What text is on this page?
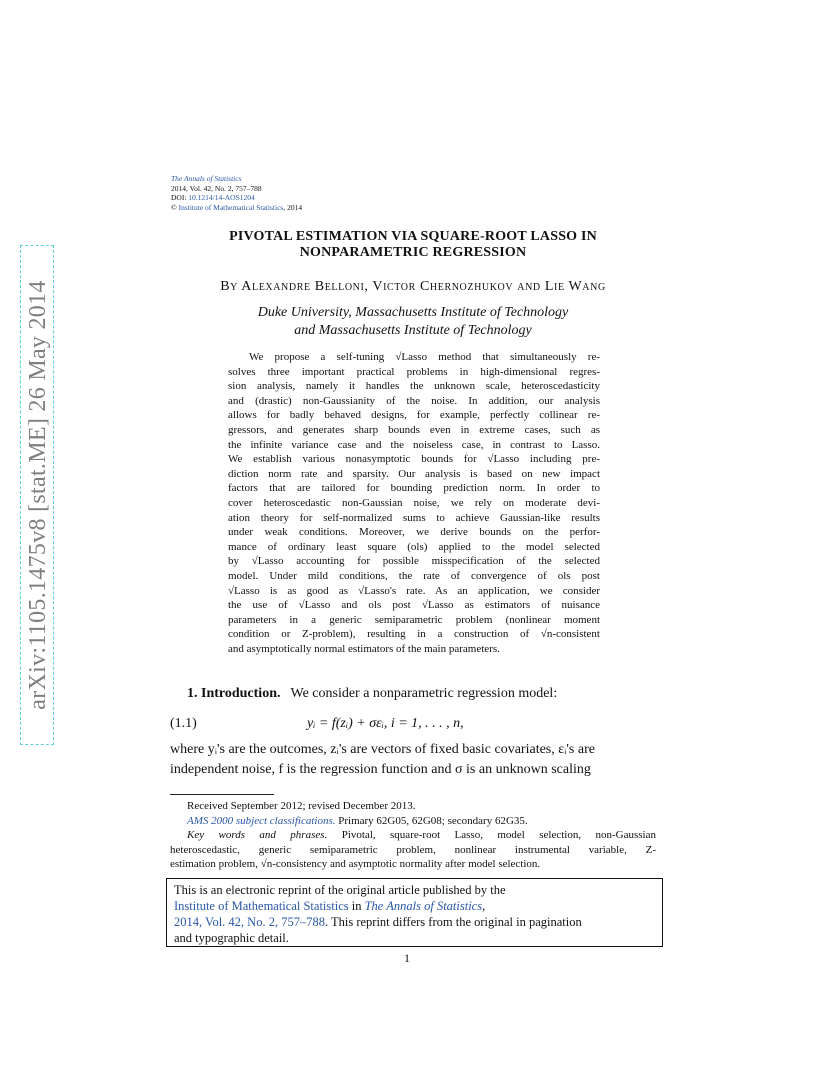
arXiv:1105.1475v8 [stat.ME] 26 May 2014
The Annals of Statistics
2014, Vol. 42, No. 2, 757–788
DOI: 10.1214/14-AOS1204
© Institute of Mathematical Statistics, 2014
PIVOTAL ESTIMATION VIA SQUARE-ROOT LASSO IN
NONPARAMETRIC REGRESSION
By Alexandre Belloni, Victor Chernozhukov and Lie Wang
Duke University, Massachusetts Institute of Technology
and Massachusetts Institute of Technology
We propose a self-tuning √Lasso method that simultaneously re-
solves three important practical problems in high-dimensional regres-
sion analysis, namely it handles the unknown scale, heteroscedasticity
and (drastic) non-Gaussianity of the noise. In addition, our analysis
allows for badly behaved designs, for example, perfectly collinear re-
gressors, and generates sharp bounds even in extreme cases, such as
the infinite variance case and the noiseless case, in contrast to Lasso.
We establish various nonasymptotic bounds for √Lasso including pre-
diction norm rate and sparsity. Our analysis is based on new impact
factors that are tailored for bounding prediction norm. In order to
cover heteroscedastic non-Gaussian noise, we rely on moderate devi-
ation theory for self-normalized sums to achieve Gaussian-like results
under weak conditions. Moreover, we derive bounds on the perfor-
mance of ordinary least square (ols) applied to the model selected
by √Lasso accounting for possible misspecification of the selected
model. Under mild conditions, the rate of convergence of ols post
√Lasso is as good as √Lasso's rate. As an application, we consider
the use of √Lasso and ols post √Lasso as estimators of nuisance
parameters in a generic semiparametric problem (nonlinear moment
condition or Z-problem), resulting in a construction of √n-consistent
and asymptotically normal estimators of the main parameters.
1. Introduction. We consider a nonparametric regression model:
(1.1)	yᵢ = f(zᵢ) + σεᵢ, i = 1, . . . , n,
where yᵢ's are the outcomes, zᵢ's are vectors of fixed basic covariates, εᵢ's are
independent noise, f is the regression function and σ is an unknown scaling
Received September 2012; revised December 2013.
AMS 2000 subject classifications. Primary 62G05, 62G08; secondary 62G35.
Key words and phrases. Pivotal, square-root Lasso, model selection, non-Gaussian
heteroscedastic, generic semiparametric problem, nonlinear instrumental variable, Z-
estimation problem, √n-consistency and asymptotic normality after model selection.
This is an electronic reprint of the original article published by the
Institute of Mathematical Statistics in The Annals of Statistics,
2014, Vol. 42, No. 2, 757–788. This reprint differs from the original in pagination
and typographic detail.
1
